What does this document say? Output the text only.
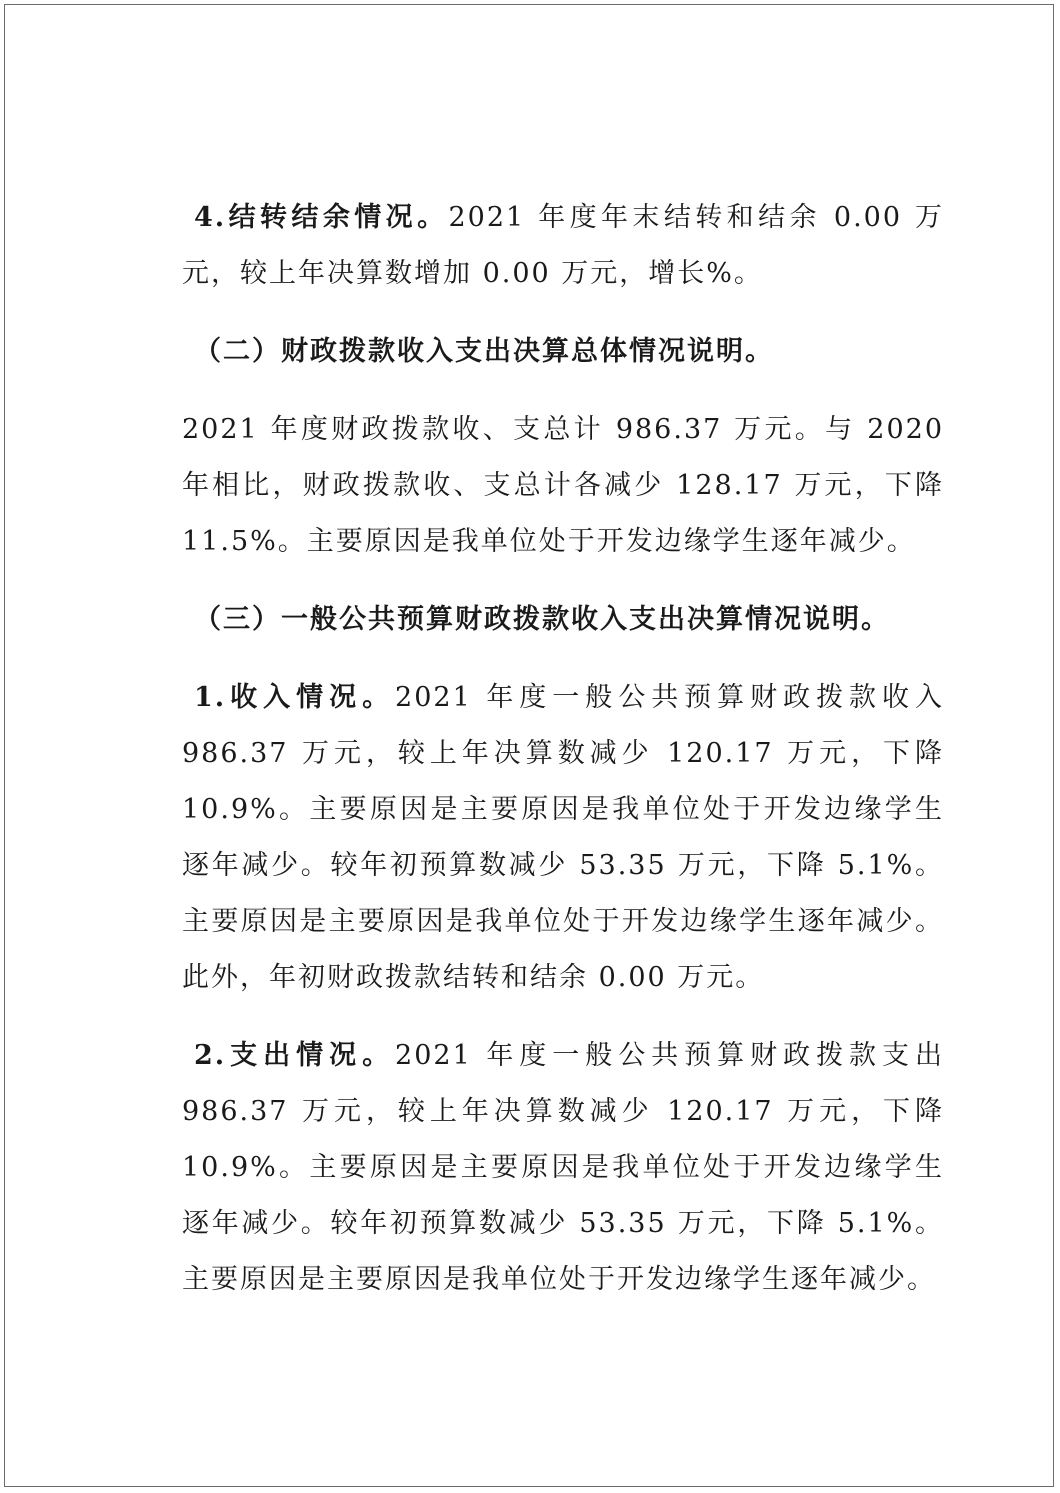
4.结转结余情况。2021 年度年末结转和结余 0.00 万元，较上年决算数增加 0.00 万元，增长%。

（二）财政拨款收入支出决算总体情况说明。

2021 年度财政拨款收、支总计 986.37 万元。与 2020 年相比，财政拨款收、支总计各减少 128.17 万元，下降 11.5%。主要原因是我单位处于开发边缘学生逐年减少。

（三）一般公共预算财政拨款收入支出决算情况说明。

1.收入情况。2021 年度一般公共预算财政拨款收入 986.37 万元，较上年决算数减少 120.17 万元，下降 10.9%。主要原因是主要原因是我单位处于开发边缘学生逐年减少。较年初预算数减少 53.35 万元，下降 5.1%。主要原因是主要原因是我单位处于开发边缘学生逐年减少。此外，年初财政拨款结转和结余 0.00 万元。

2.支出情况。2021 年度一般公共预算财政拨款支出 986.37 万元，较上年决算数减少 120.17 万元，下降 10.9%。主要原因是主要原因是我单位处于开发边缘学生逐年减少。较年初预算数减少 53.35 万元，下降 5.1%。主要原因是主要原因是我单位处于开发边缘学生逐年减少。
